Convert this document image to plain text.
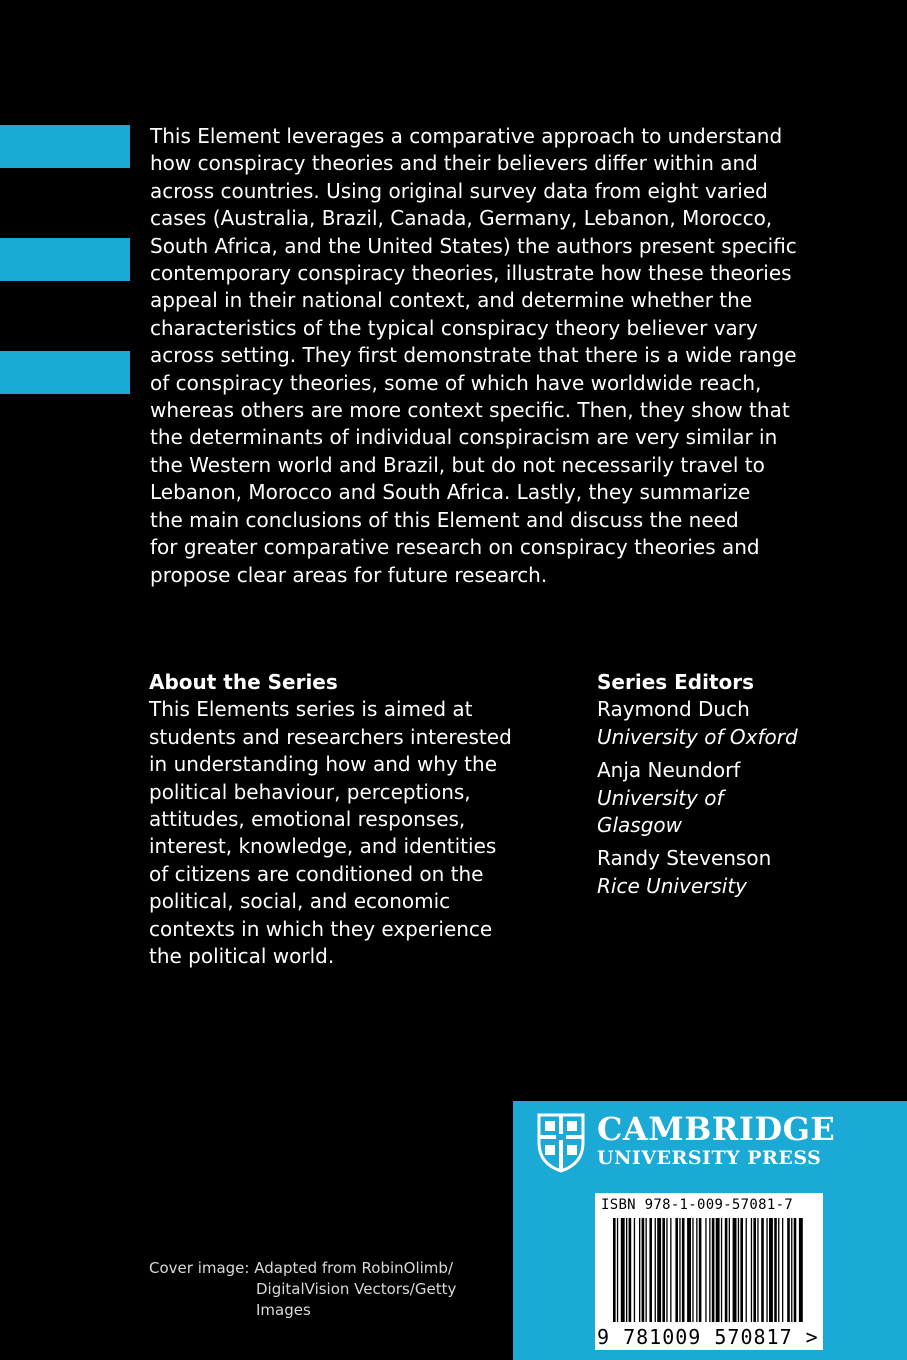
This Element leverages a comparative approach to understand
how conspiracy theories and their believers differ within and
across countries. Using original survey data from eight varied
cases (Australia, Brazil, Canada, Germany, Lebanon, Morocco,
South Africa, and the United States) the authors present specific
contemporary conspiracy theories, illustrate how these theories
appeal in their national context, and determine whether the
characteristics of the typical conspiracy theory believer vary
across setting. They first demonstrate that there is a wide range
of conspiracy theories, some of which have worldwide reach,
whereas others are more context specific. Then, they show that
the determinants of individual conspiracism are very similar in
the Western world and Brazil, but do not necessarily travel to
Lebanon, Morocco and South Africa. Lastly, they summarize
the main conclusions of this Element and discuss the need
for greater comparative research on conspiracy theories and
propose clear areas for future research.

About the Series
This Elements series is aimed at
students and researchers interested
in understanding how and why the
political behaviour, perceptions,
attitudes, emotional responses,
interest, knowledge, and identities
of citizens are conditioned on the
political, social, and economic
contexts in which they experience
the political world.
Series Editors
Raymond Duch
University of Oxford
Anja Neundorf
University of
Glasgow
Randy Stevenson
Rice University
Cover image: Adapted from RobinOlimb/
DigitalVision Vectors/Getty
Images
CAMBRIDGE
UNIVERSITY PRESS
ISBN 978-1-009-57081-7
9 781009 570817 >
